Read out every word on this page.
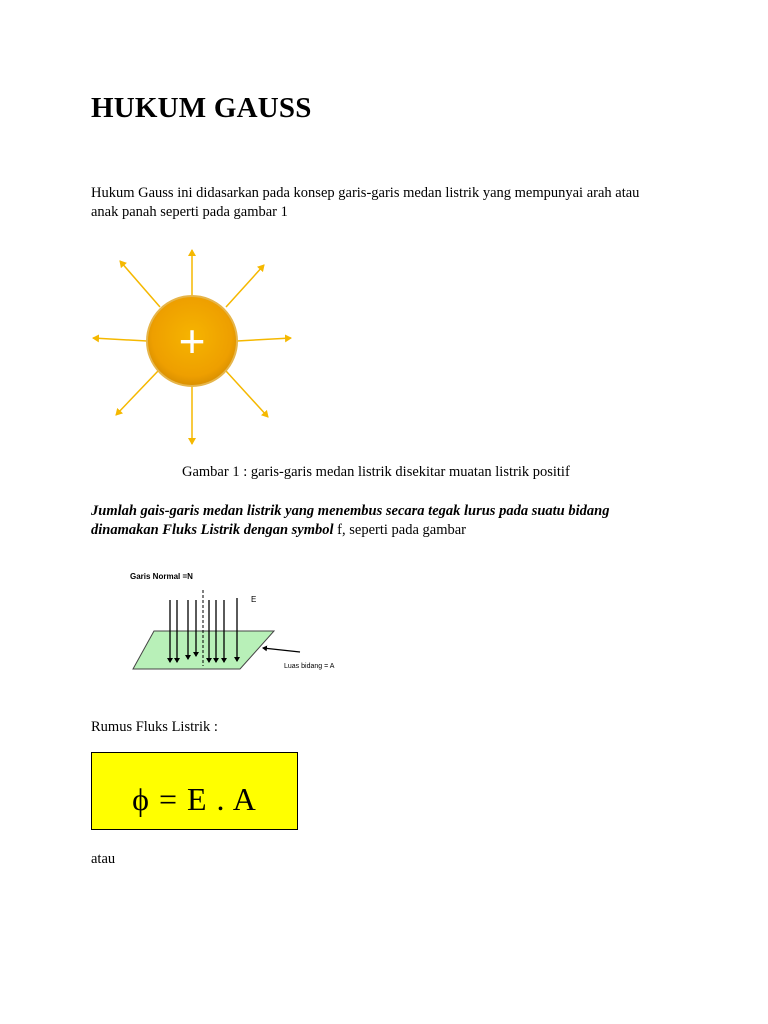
HUKUM GAUSS

Hukum Gauss ini didasarkan pada konsep garis-garis medan listrik yang mempunyai arah atau

anak panah seperti pada gambar 1

+

Gambar 1 : garis-garis medan listrik disekitar muatan listrik positif

Jumlah gais-garis medan listrik yang menembus secara tegak lurus pada suatu bidang

dinamakan Fluks Listrik dengan symbol f, seperti pada gambar

Garis Normal =N
E
Luas bidang = A

Rumus Fluks Listrik :

ϕ = E . A

atau
